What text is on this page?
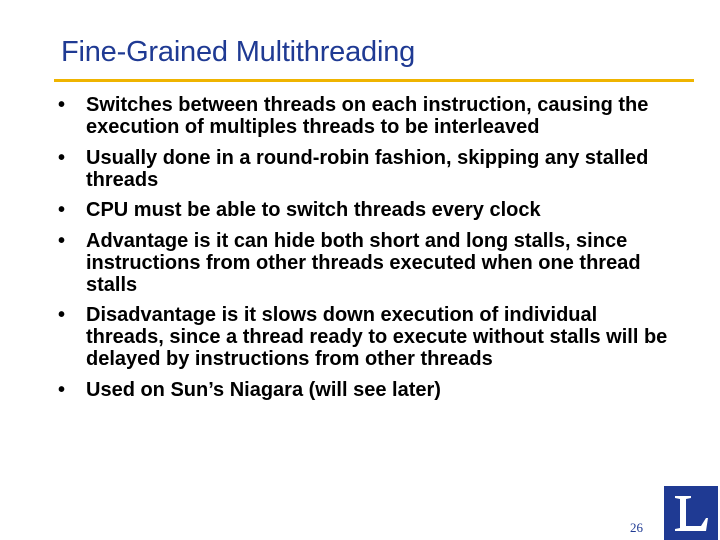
Fine-Grained Multithreading
•	Switches between threads on each instruction, causing the execution of multiples threads to be interleaved
•	Usually done in a round-robin fashion, skipping any stalled threads
•	CPU must be able to switch threads every clock
•	Advantage is it can hide both short and long stalls, since instructions from other threads executed when one thread stalls
•	Disadvantage is it slows down execution of individual threads, since a thread ready to execute without stalls will be delayed by instructions from other threads
•	Used on Sun’s Niagara (will see later)
26
